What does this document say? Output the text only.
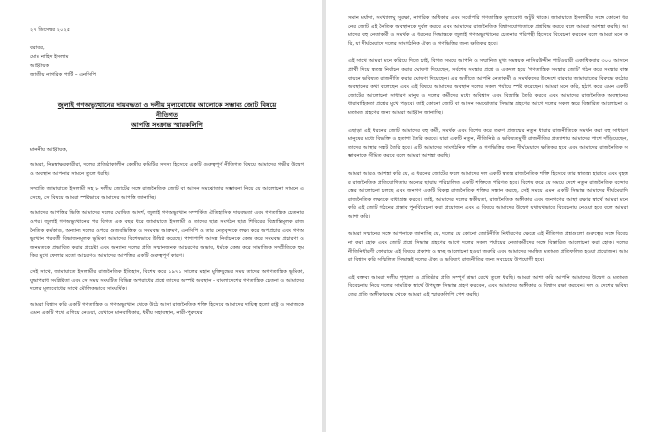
২৭ ডিসেম্বর ২০২৫
বরাবর,
মোঃ নাহিদ ইসলাম
আহ্বায়ক
জাতীয় নাগরিক পার্টি – এনসিপি
জুলাই গণঅভ্যুত্থানের দায়বদ্ধতা ও দলীয় মূল্যবোধের আলোকে সম্ভাব্য জোট বিষয়ে নীতিগত
আপত্তি সংক্রান্ত স্মারকলিপি
মাননীয় আহ্বায়ক,

আমরা, নিম্নস্বাক্ষরকারীরা, দলের প্রতিষ্ঠাকালীন কেন্দ্রীয় কমিটির সদস্য হিসেবে একটি গুরুত্বপূর্ণ নীতিগত বিষয়ে আমাদের গভীর উদ্বেগ ও অবস্থান আপনার সামনে তুলে ধরছি।

সম্প্রতি জামায়াতে ইসলামী সহ ৮ দলীয় জোটের সঙ্গে রাজনৈতিক জোট বা আসন সমঝোতার সম্ভাবনা নিয়ে যে আলোচনা সামনে এসেছে, সে বিষয়ে আমরা স্পষ্টভাবে আমাদের আপত্তি জানাচ্ছি।

আমাদের আপত্তির ভিত্তি আমাদের দলের ঘোষিত আদর্শ, জুলাই গণঅভ্যুত্থান সম্পর্কিত ঐতিহাসিক দায়বদ্ধতা এবং গণতান্ত্রিক চেতনার ওপর। জুলাই গণঅভ্যুত্থানের পর বিগত এক বছর ধরে জামায়াতে ইসলামী ও তাদের ছাত্র সংগঠন ছাত্র শিবিরের বিভ্রান্তিমূলক রাজনৈতিক কর্মকাণ্ড, অন্যান্য দলের ওপরে গুজবভিত্তিক ও সংঘবদ্ধ আক্রমণ, এনসিপি ও তার নেতৃবৃন্দকে লক্ষ্য করে অপপ্রচার এবং গণঅভ্যুত্থান পরবর্তী বিভাজনমূলক ভূমিকা আমাদের বিশেষভাবে উদ্বিগ্ন করেছে। পাশাপাশি আসন্ন নির্বাচনকে কেন্দ্র করে সংঘবদ্ধ প্রচারণা ও জনমতকে প্রভাবিত করার প্রচেষ্টা এবং অন্যান্য দলের প্রতি সম্মানজনক আচরণের অভাব, ধর্মকে কেন্দ্র করে সামাজিক সম্প্রীতিকে হুমকির মুখে ফেলার মতো আচরণও আমাদের আপত্তির একটি গুরুত্বপূর্ণ কারণ।

সেই সাথে, জামায়াতে ইসলামীর রাজনৈতিক ইতিহাস, বিশেষ করে ১৯৭১ সালের মহান মুক্তিযুদ্ধের সময় তাদের অগণতান্ত্রিক ভূমিকা, যুদ্ধাপরাধ সংশ্লিষ্টতা এবং সে সময় সংঘটিত বিভিন্ন অপরাধের প্রশ্নে তাদের অস্পষ্ট অবস্থান - বাংলাদেশের গণতান্ত্রিক চেতনা ও আমাদের দলের মূল্যবোধের সাথে মৌলিকভাবে সাংঘর্ষিক।

আমরা বিশ্বাস করি একটি গণতান্ত্রিক ও গণঅভ্যুত্থান থেকে উঠে আসা রাজনৈতিক শক্তি হিসেবে আমাদের দায়িত্ব হলো রাষ্ট্র ও সমাজকে এমন একটি পথে এগিয়ে নেওয়া, যেখানে মানবাধিকার, ধর্মীয় সহাবস্থান, নারী-পুরুষের

সমান মর্যাদা, সংখ্যালঘু সুরক্ষা, নাগরিক অধিকার এবং সর্বোপরি গণতান্ত্রিক মূল্যবোধ অটুট থাকে। জামায়াতে ইসলামীর সঙ্গে কোনো ধরনের জোট এই নৈতিক অবস্থানকে দুর্বল করবে এবং আমাদের রাজনৈতিক বিশ্বাসযোগ্যতাকে প্রশ্নবিদ্ধ করবে বলে আমরা আশঙ্কা করছি। আমাদের বহু নেতাকর্মী ও সমর্থক এ ধরনের সিদ্ধান্তকে জুলাই গণঅভ্যুত্থানের চেতনার পরিপন্থী হিসেবে বিবেচনা করবেন বলে আমরা মনে করি, যা দীর্ঘমেয়াদে দলের সাংগঠনিক ঐক্য ও গণভিত্তির জন্য ক্ষতিকর হবে।

এই সাথে আমরা মনে করিয়ে দিতে চাই, বিগত সময়ে আপনি ও সম্মানিত মুখ্য সমন্বয়ক নাসিরউদ্দীন পাটওয়ারী একাধিকবার ৩০০ আসনে প্রার্থী দিয়ে স্বতন্ত্র নির্বাচন করার ঘোষণা দিয়েছেন, সর্বশেষ সংস্কার প্রশ্নে ও একদল হয়ে 'গণতান্ত্রিক সংস্কার জোট' গঠন করে সংস্কার বাস্তবায়নে ভবিষ্যত রাজনীতি করার ঘোষণা দিয়েছেন। এর অতীতে আপনি নেতাকর্মী ও সমর্থকদের উদ্দেশে বারবার জামায়াতের বিরুদ্ধে কঠোর অবস্থানের কথা বলেছেন এবং এই বিষয়ে আমাদের অবস্থান দলের সকল পর্যায়ে স্পষ্ট করেছেন। আমরা মনে করি, হঠাৎ করে এমন একটি জোটের আলোচনা সাধারণ মানুষ ও দলের কর্মীদের মধ্যে অবিশ্বাস এবং বিভ্রান্তি তৈরি করবে এবং আমাদের রাজনৈতিক অবস্থানের ধারাবাহিকতা প্রশ্নের মুখে পড়বে। তাই কোনো জোট বা আসন সমঝোতার সিদ্ধান্ত গ্রহণের আগে দলের সকল স্তরে বিস্তারিত আলোচনা ও মতামত গ্রহণের জন্য আমরা আহ্বান জানাচ্ছি।

এছাড়া এই ধরনের জোট আমাদের বহু কর্মী, সমর্থক এবং বিশেষ করে তরুণ প্রজন্মের নতুন ধারার রাজনীতিকে সমর্থন করা বহু সাধারণ মানুষের মধ্যে বিভক্তি ও হতাশা তৈরি করবে। যারা একটি নতুন, নীতিনিষ্ঠ ও ভবিষ্যতমুখী রাজনীতির প্রত্যাশায় আমাদের পাশে দাঁড়িয়েছেন, তাদের আস্থার সঙ্কট তৈরি হবে। এটি আমাদের সাংগঠনিক শক্তি ও গণভিত্তির জন্য দীর্ঘমেয়াদে ক্ষতিকর হবে এবং আমাদের রাজনৈতিক সম্ভাবনাকে সীমিত করবে বলে আমরা আশঙ্কা করছি।

আমরা আরও আশঙ্কা করি যে, এ ধরনের জোটের ফলে আমাদের দল একটি স্বতন্ত্র রাজনৈতিক শক্তি হিসেবে তার স্বাতন্ত্র্য হারাবে এবং বৃহত্তর রাজনৈতিক প্রতিযোগিতায় অন্যের ছায়ায় পরিচালিত একটি শক্তিতে পরিণত হবে। বিশেষ করে যে সময়ে দেশে নতুন রাজনৈতিক বন্দোবস্তের আলোচনা চলছে এবং জনগণ একটি বিকল্প রাজনৈতিক শক্তির সন্ধান করছে, সেই সময়ে এমন একটি সিদ্ধান্ত আমাদের দীর্ঘমেয়াদি রাজনৈতিক লক্ষ্যকে বাধাগ্রস্ত করবে। তাই, আমাদের দলের স্বকীয়তা, রাজনৈতিক অঙ্গীকার এবং জনগণের আস্থা রক্ষার স্বার্থে আমরা মনে করি এই জোট গঠনের প্রস্তাব পুনর্বিবেচনা করা প্রয়োজন এবং এ বিষয়ে আমাদের উদ্বেগ যথাযথভাবে বিবেচনায় নেওয়া হবে বলে আমরা আশা করি।

আমরা সম্মানের সঙ্গে আপনাকে জানাচ্ছি যে, দলের যে কোনো জোটনীতি নির্ধারণের ক্ষেত্রে এই নীতিগত প্রশ্নগুলো গুরুত্বের সঙ্গে বিবেচনা করা হোক এবং জোট প্রশ্নে সিদ্ধান্ত গ্রহণের আগে দলের সকল পর্যায়ের নেতাকর্মীদের সঙ্গে বিস্তারিত আলোচনা করা হোক। দলের নীতিনির্ধারণী ফোরামে এই বিষয়ে প্রকাশ্য ও স্বচ্ছ আলোচনা হওয়া জরুরি এবং আমাদের সমন্বিত মতামত প্রতিফলিত হওয়া প্রয়োজন। আমরা বিশ্বাস করি সম্মিলিত সিদ্ধান্তই দলের ঐক্য ও ভবিষ্যৎ রাজনীতির জন্য সবচেয়ে উপযোগী হবে।

এই বক্তব্য আমরা দলীয় শৃঙ্খলা ও প্রতিষ্ঠার প্রতি সম্পূর্ণ শ্রদ্ধা রেখে তুলে ধরছি। আমরা আশা করি আপনি আমাদের উদ্বেগ ও মতামত বিবেচনায় নিয়ে দলের সামগ্রিক স্বার্থে উপযুক্ত সিদ্ধান্ত গ্রহণ করবেন, এবং আমাদের অঙ্গীকার ও বিশ্বাস রক্ষা করবেন। দল ও দেশের ভবিষ্যতের প্রতি অঙ্গীকারবদ্ধ থেকে আমরা এই স্মারকলিপি পেশ করছি।
